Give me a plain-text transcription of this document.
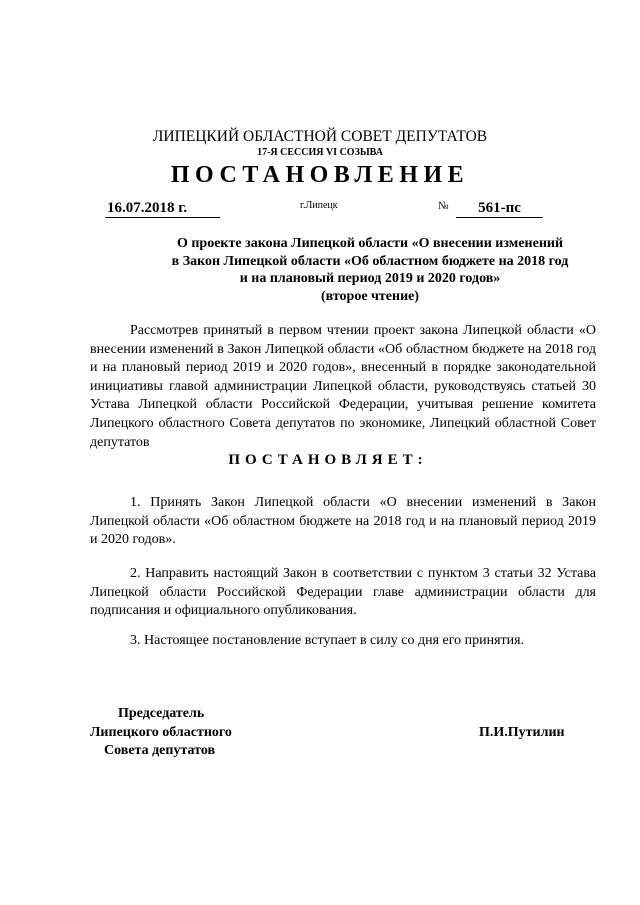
ЛИПЕЦКИЙ ОБЛАСТНОЙ СОВЕТ ДЕПУТАТОВ
17-Я СЕССИЯ VI СОЗЫВА
ПОСТАНОВЛЕНИЕ
16.07.2018 г.	г.Липецк	№	561-пс
О проекте закона Липецкой области «О внесении изменений
в Закон Липецкой области «Об областном бюджете на 2018 год
и на плановый период 2019 и 2020 годов»
(второе чтение)
Рассмотрев принятый в первом чтении проект закона Липецкой области «О внесении изменений в Закон Липецкой области «Об областном бюджете на 2018 год и на плановый период 2019 и 2020 годов», внесенный в порядке законодательной инициативы главой администрации Липецкой области, руководствуясь статьей 30 Устава Липецкой области Российской Федерации, учитывая решение комитета Липецкого областного Совета депутатов по экономике, Липецкий областной Совет депутатов
ПОСТАНОВЛЯЕТ:
1. Принять Закон Липецкой области «О внесении изменений в Закон Липецкой области «Об областном бюджете на 2018 год и на плановый период 2019 и 2020 годов».
2. Направить настоящий Закон в соответствии с пунктом 3 статьи 32 Устава Липецкой области Российской Федерации главе администрации области для подписания и официального опубликования.
3. Настоящее постановление вступает в силу со дня его принятия.
Председатель
Липецкого областного
Совета депутатов
П.И.Путилин
